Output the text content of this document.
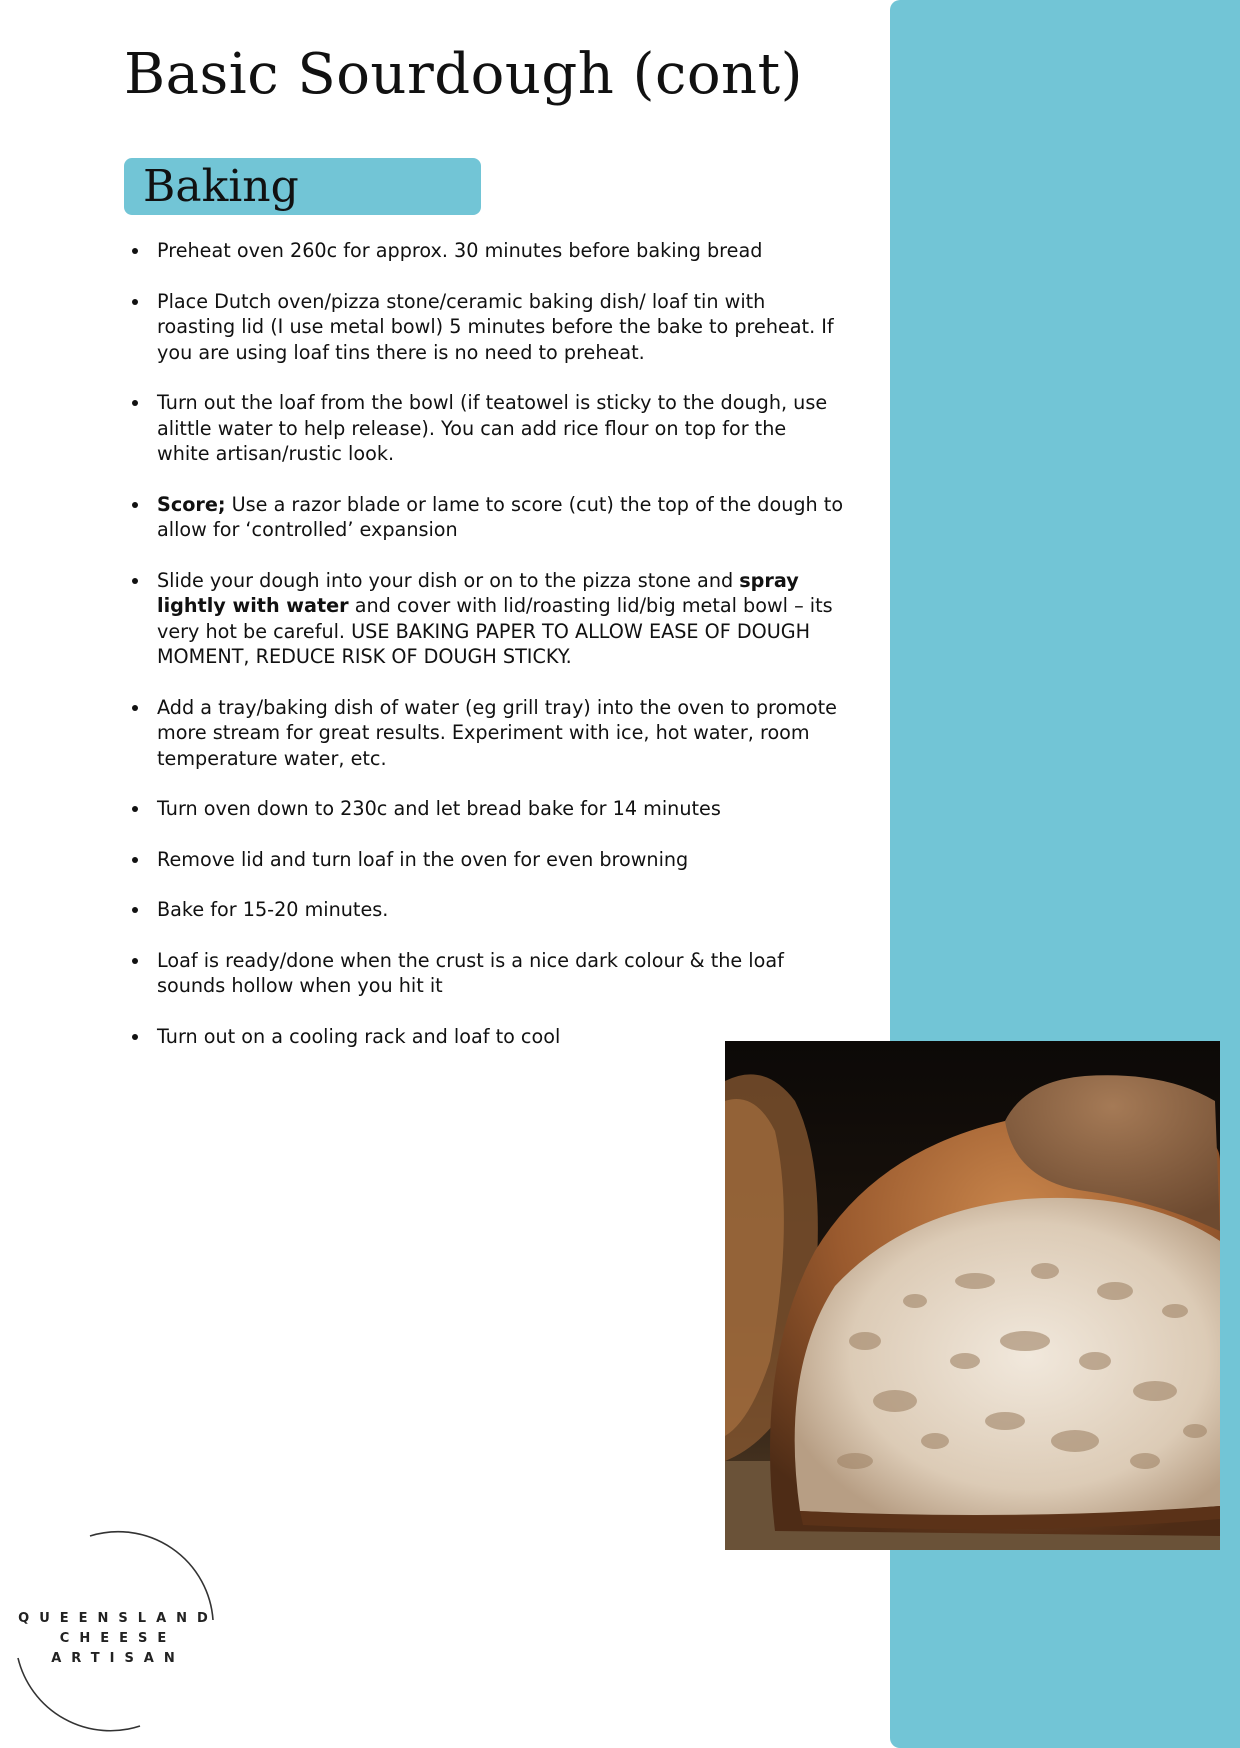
Basic Sourdough (cont)
Baking
Preheat oven 260c for approx. 30 minutes before baking bread
Place Dutch oven/pizza stone/ceramic baking dish/ loaf tin with roasting lid (I use metal bowl) 5 minutes before the bake to preheat. If you are using loaf tins there is no need to preheat.
Turn out the loaf from the bowl (if teatowel is sticky to the dough, use alittle water to help release). You can add rice flour on top for the white artisan/rustic look.
Score; Use a razor blade or lame to score (cut) the top of the dough to allow for ‘controlled’ expansion
Slide your dough into your dish or on to the pizza stone and spray lightly with water and cover with lid/roasting lid/big metal bowl – its very hot be careful. USE BAKING PAPER TO ALLOW EASE OF DOUGH MOMENT, REDUCE RISK OF DOUGH STICKY.
Add a tray/baking dish of water (eg grill tray) into the oven to promote more stream for great results. Experiment with ice, hot water, room temperature water, etc.
Turn oven down to 230c and let bread bake for 14 minutes
Remove lid and turn loaf in the oven for even browning
Bake for 15-20 minutes.
Loaf is ready/done when the crust is a nice dark colour & the loaf sounds hollow when you hit it
Turn out on a cooling rack and loaf to cool
QUEENSLAND
CHEESE
ARTISAN
